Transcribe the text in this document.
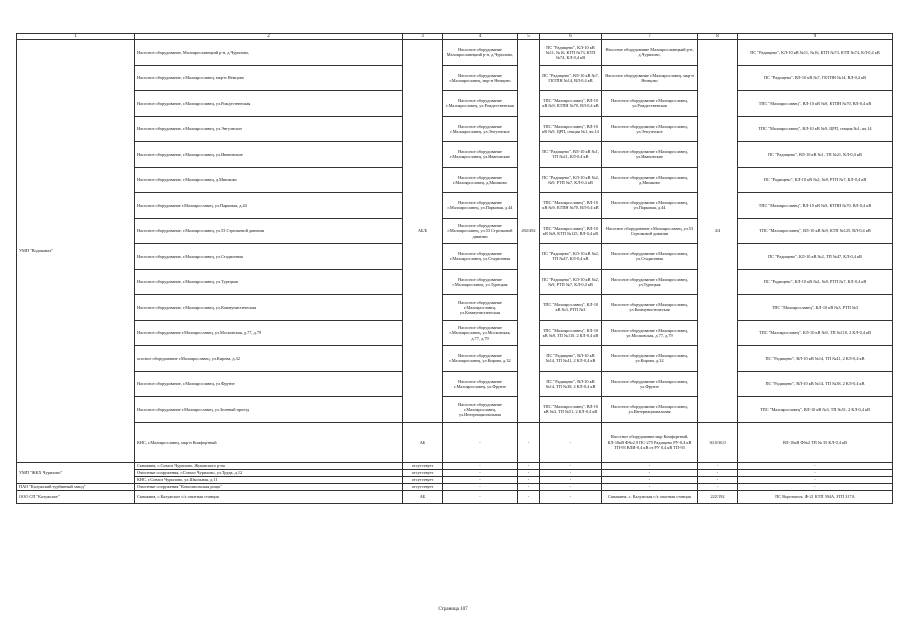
1	2	3	4	5	6	7	8	9
УМП "Водоканал"	Насосное оборудование, Малоярославецкий р-н, д.Чурилово,	АБ/Б	Насосное оборудование Малоярославецкий р-н, д.Чурилово,	492/492	ПС "Радищево", КЛ-10 кВ №11, №16, КТП №73, КТП №74, КЛ-0,4 кВ	Насосное оборудование Малоярославецкий р-н, д.Чурилово,	4/4	ПС "Радищево", КЛ-10 кВ №11, №16, КТП №73, КТП №74, КЛ-0,4 кВ
	Насосное оборудование, г.Малоярославец, мкр-н Немцово		Насосное оборудование г.Малоярославец, мкр-н Немцово		ПС "Радищево", ВЛ-10 кВ №7, ГКТПН №14, ВЛ-0,4 кВ	Насосное оборудование г.Малоярославец, мкр-н Немцово		ПС "Радищево", ВЛ-10 кВ №7, ГКТПН №14, ВЛ-0,4 кВ
	Насосное оборудование, г.Малоярославец, ул.Рождественская		Насосное оборудование г.Малоярославец, ул.Рождественская		ТПС "Малоярославец", ВЛ-10 кВ №9, КТПН №70, ВЛ-0,4 кВ	Насосное оборудование г.Малоярославец, ул.Рождественская		ТПС "Малоярославец", ВЛ-10 кВ №9, КТПН №70, ВЛ-0,4 кВ
	Насосное оборудование, г.Малоярославец, ул.Энгуэнское		Насосное оборудование г.Малоярославец, ул.Энгуэнское		ТПС "Малоярославец", ВЛ-10 кВ №9, ЦРП, секция №1, яч.14	Насосное оборудование г.Малоярославец, ул.Энгуэнское		ТПС "Малоярославец", ВЛ-10 кВ №9, ЦРП, секция №1, яч.14
	Насосное оборудование, г.Малоярославец, ул.Ивановские		Насосное оборудование г.Малоярославец, ул.Ивановские		ПС "Радищево", ВЛ-10 кВ №1, ТП №21, КЛ-0,4 кВ	Насосное оборудование г.Малоярославец, ул.Ивановские		ПС "Радищево", ВЛ-10 кВ №1, ТП №21, КЛ-0,4 кВ
	Насосное оборудование, г.Малоярославец, д.Мишково		Насосное оборудование г.Малоярославец, д.Мишково		ПС "Радищево", КЛ-10 кВ №2, №9, РТП №7, КЛ-0,4 кВ	Насосное оборудование г.Малоярославец, д.Мишково		ПС "Радищево", КЛ-10 кВ №2, №9, РТП №7, КЛ-0,4 кВ
	Насосное оборудование г.Малоярославец, ул.Парковая, д.44		Насосное оборудование г.Малоярославец, ул.Парковая, д.44		ТПС "Малоярославец", ВЛ-10 кВ №9, КТПН №70, ВЛ-0,4 кВ	Насосное оборудование г.Малоярославец, ул.Парковая, д.44		ТПС "Малоярославец", ВЛ-10 кВ №9, КТПН №70, ВЛ-0,4 кВ
	Насосное оборудование, г.Малоярославец, ул.53 Стрелковой дивизии		Насосное оборудование г.Малоярославец, ул.53 Стрелковой дивизии		ТПС "Малоярославец", ВЛ-10 кВ №9, КТП №125, ВЛ-0,4 кВ	Насосное оборудование г.Малоярославец, ул.53 Стрелковой дивизии		ТПС "Малоярославец", ВЛ-10 кВ №9, КТП №125, ВЛ-0,4 кВ
	Насосное оборудование, г.Малоярославец, ул.Стадионная		Насосное оборудование г.Малоярославец, ул.Стадионная		ПС "Радищево", КЛ-10 кВ №2, ТП №47, КЛ-0,4 кВ	Насосное оборудование г.Малоярославец, ул.Стадионная		ПС "Радищево", КЛ-10 кВ №2, ТП №47, КЛ-0,4 кВ
	Насосное оборудование, г.Малоярославец, ул.Турецкая		Насосное оборудование г.Малоярославец, ул.Турецкая		ПС "Радищево", КЛ-10 кВ №2, №9, РТП №7, КЛ-0,4 кВ	Насосное оборудование г.Малоярославец, ул.Турецкая		ПС "Радищево", КЛ-10 кВ №2, №9, РТП №7, КЛ-0,4 кВ
	Насосное оборудование, г.Малоярославец, ул.Коммунистическая		Насосное оборудование г.Малоярославец, ул.Коммунистическая		ТПС "Малоярославец", КЛ-10 кВ №3, РТП №3	Насосное оборудование г.Малоярославец, ул.Коммунистическая		ТПС "Малоярославец", КЛ-10 кВ №3, РТП №3
	Насосное оборудование г.Малоярославец, ул.Московская, д.77, д.79		Насосное оборудование г.Малоярославец, ул.Московская, д.77, д.79		ТПС "Малоярославец", КЛ-10 кВ №9, ТП №110, 2 КЛ-0,4 кВ	Насосное оборудование г.Малоярославец, ул.Московская, д.77, д.79		ТПС "Малоярославец", КЛ-10 кВ №9, ТП №110, 2 КЛ-0,4 кВ
	асосное оборудование г.Малоярославец, ул.Кирова, д.32		Насосное оборудование г.Малоярославец, ул.Кирова, д.32		ПС "Радищево", ВЛ-10 кВ №14, ТП №41, 2 КЛ-0,4 кВ	Насосное оборудование г.Малоярославец, ул.Кирова, д.32		ПС "Радищево", ВЛ-10 кВ №14, ТП №41, 2 КЛ-0,4 кВ
	Насосное оборудование, г.Малоярославец, ул.Фрунзе		Насосное оборудование г.Малоярославец, ул.Фрунзе		ПС "Радищево", ВЛ-10 кВ №14, ТП №38, 2 КЛ-0,4 кВ	Насосное оборудование г.Малоярославец, ул.Фрунзе		ПС "Радищево", ВЛ-10 кВ №14, ТП №38, 2 КЛ-0,4 кВ
	Насосное оборудование г.Малоярославец, ул.Зеленый проезд		Насосное оборудование г.Малоярославец, ул.Интернациональная		ТПС "Малоярославец", ВЛ-10 кВ №3, ТП №51, 2 КЛ-0,4 кВ	Насосное оборудование г.Малоярославец, ул.Интернациональная		ТПС "Малоярославец", ВЛ-10 кВ №3, ТП №51, 2 КЛ-0,4 кВ
	КНС, г.Малоярославец, мкр-н Комфортный	АБ	-	-	-	Насосное оборудование мкр Комфортный, КЛ-10кВ Ф№2.9 ПС-275 Радищево РУ-0,4 кВ ТП-93 ВЛИ-0,4 кВ от РУ 0,4 кВ ТП-93	30,0/30,0	ВЛ-10кВ Ф№2 ТП № 35 КЛ-0,4 кВ
УМП "ЖКХ Чурилово"	Скважина, с.Совхоз Чурилово, Жуковского р-на	отсутствует	-	-	-	-	-	-
	Очистные сооружения, г.Совхоз Чурилово, ул.Труда, д.12	отсутствует	-	-	-	-	-	-
	КНС, г.Совхоз Чурилово, ул.Школьная, д.11	отсутствует	-	-	-	-	-	-
ПАО "Калужский турбинный завод"	Очистные сооружения "Комсомольская роща"	отсутствует	-	-	-	-	-	-
ООО СП "Калужское"	Скважина, с.Калужское с/х опытная станция	АБ	-	-	-	Скважина, с. Калужская с/х опытная станция	222/192	ПС Воротынск, Ф-21 КТП 394А, ЗТП 317А
Страница 107
